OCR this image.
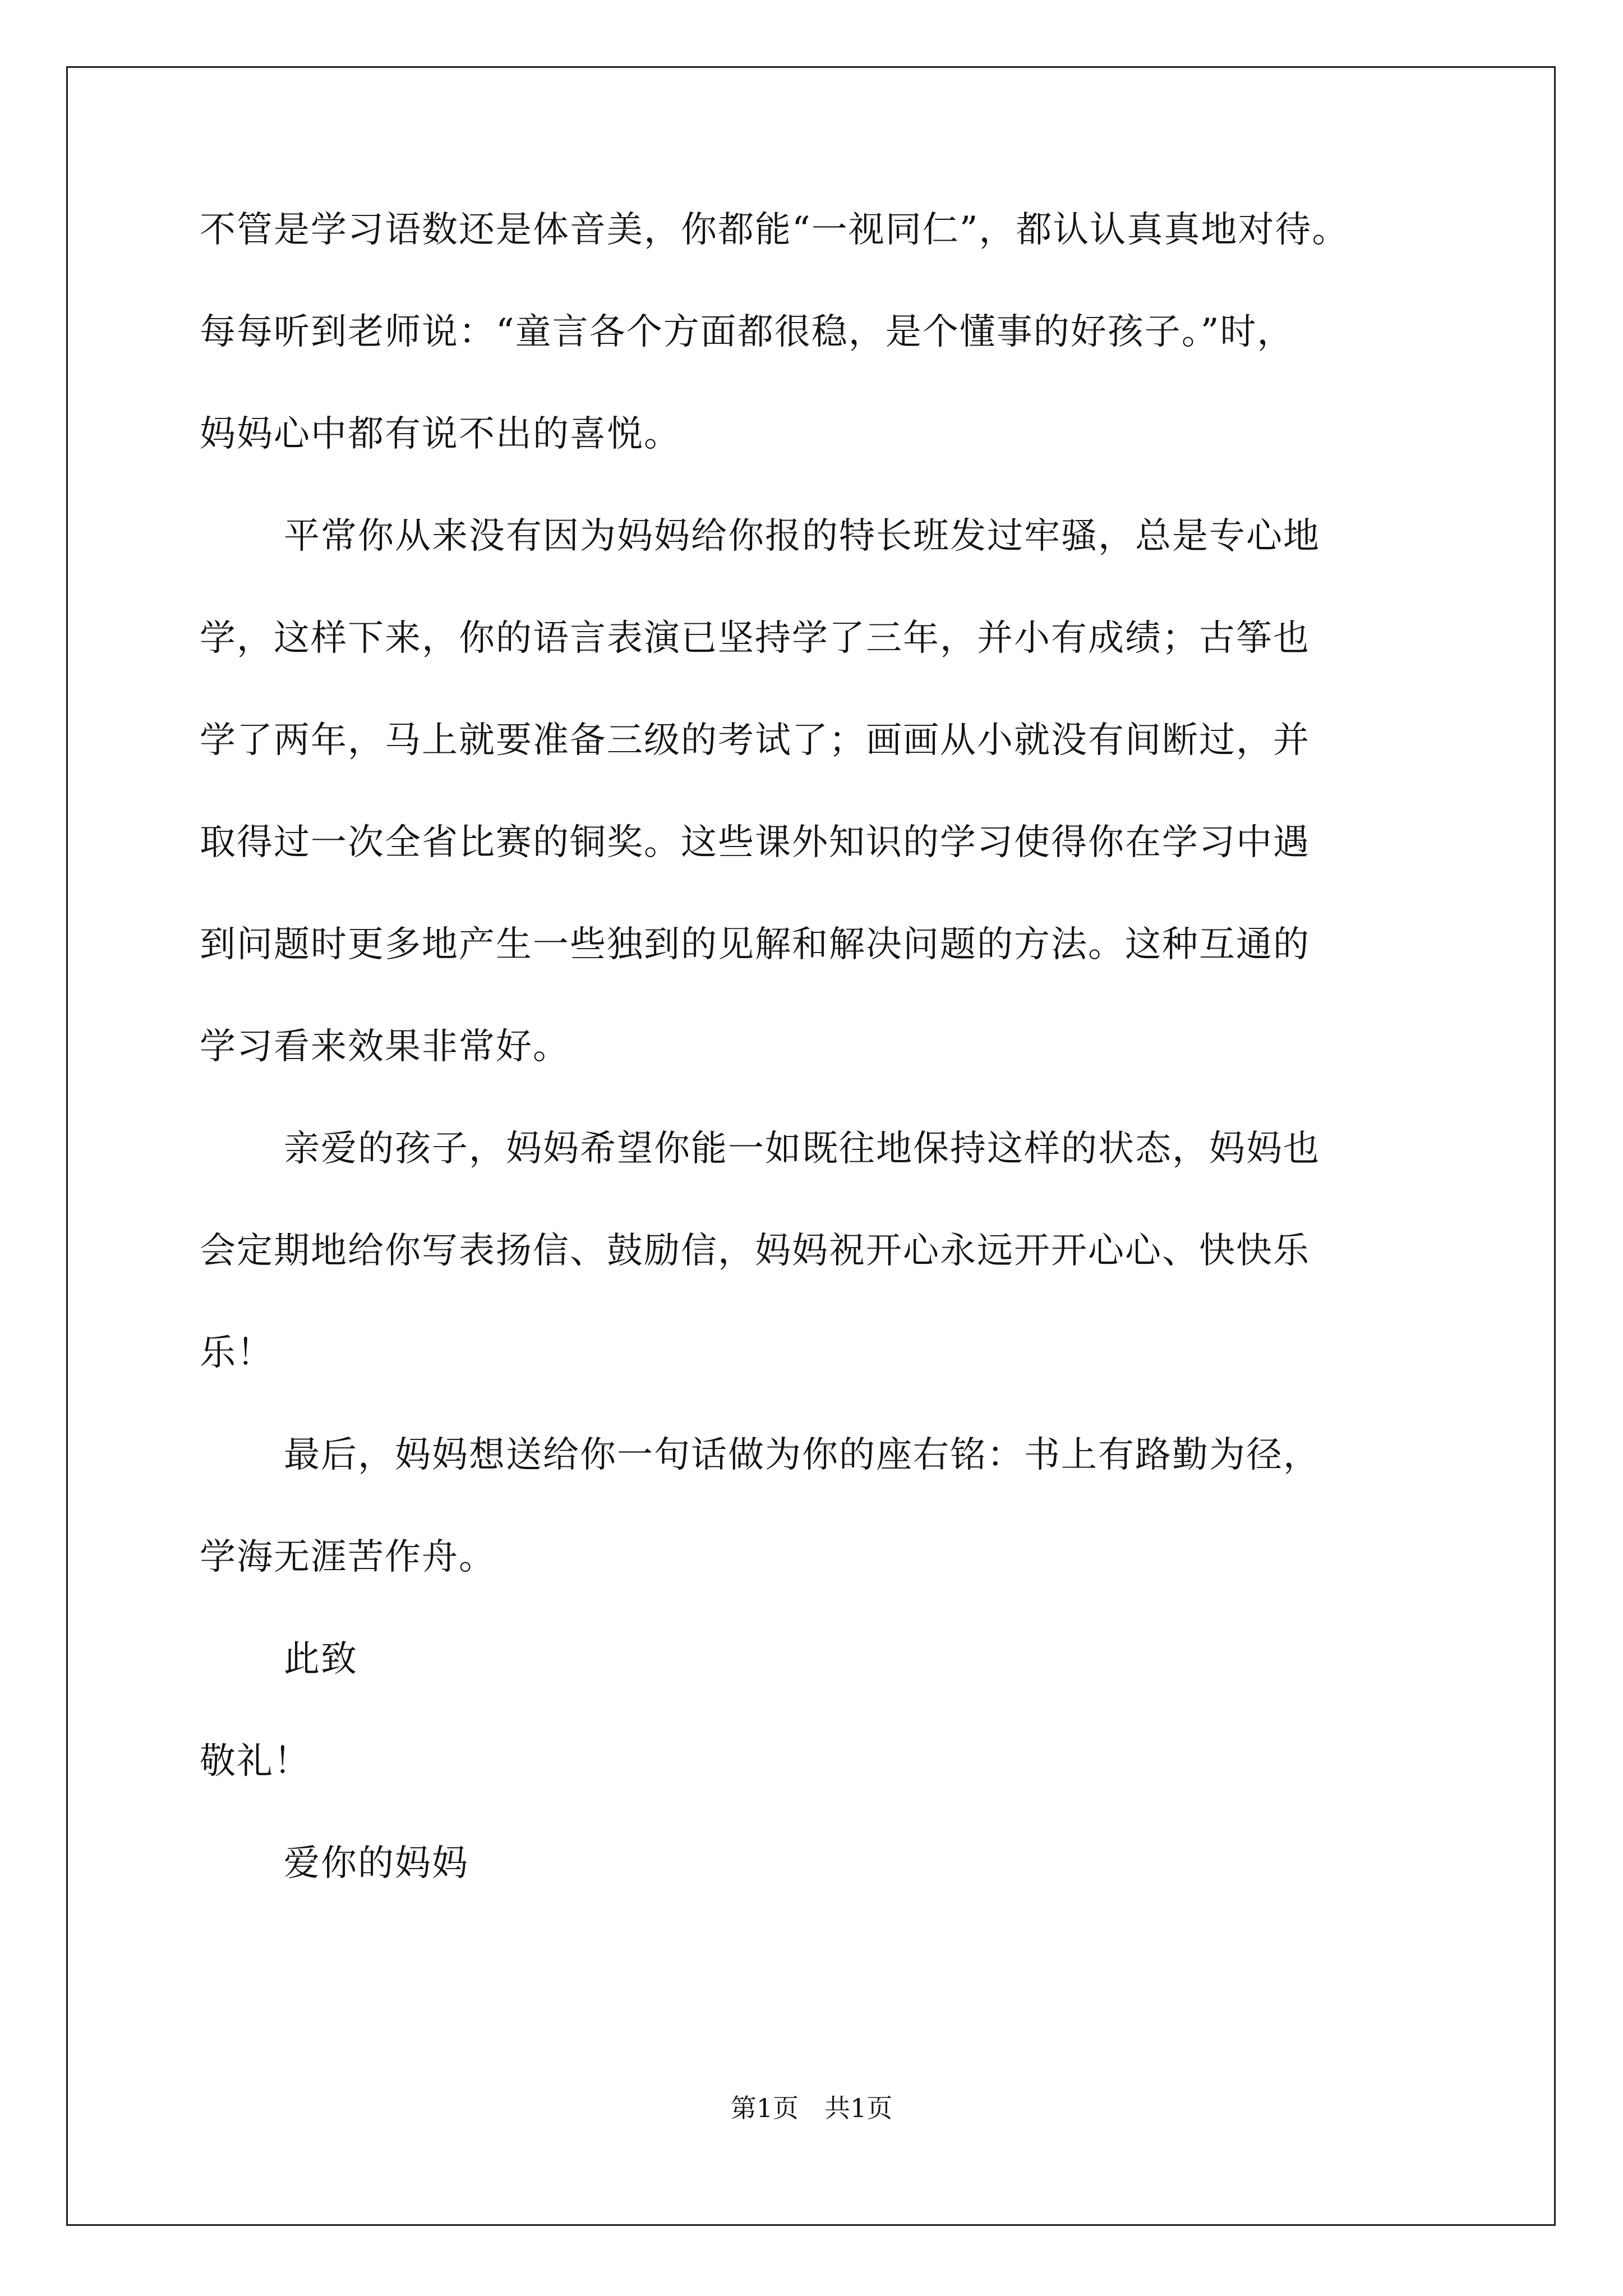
不管是学习语数还是体音美，你都能“一视同仁”，都认认真真地对待。
每每听到老师说：“童言各个方面都很稳，是个懂事的好孩子。”时，
妈妈心中都有说不出的喜悦。
平常你从来没有因为妈妈给你报的特长班发过牢骚，总是专心地
学，这样下来，你的语言表演已坚持学了三年，并小有成绩；古筝也
学了两年，马上就要准备三级的考试了；画画从小就没有间断过，并
取得过一次全省比赛的铜奖。这些课外知识的学习使得你在学习中遇
到问题时更多地产生一些独到的见解和解决问题的方法。这种互通的
学习看来效果非常好。
亲爱的孩子，妈妈希望你能一如既往地保持这样的状态，妈妈也
会定期地给你写表扬信、鼓励信，妈妈祝开心永远开开心心、快快乐
乐！
最后，妈妈想送给你一句话做为你的座右铭：书上有路勤为径，
学海无涯苦作舟。
此致
敬礼！
爱你的妈妈
第1页　共1页
